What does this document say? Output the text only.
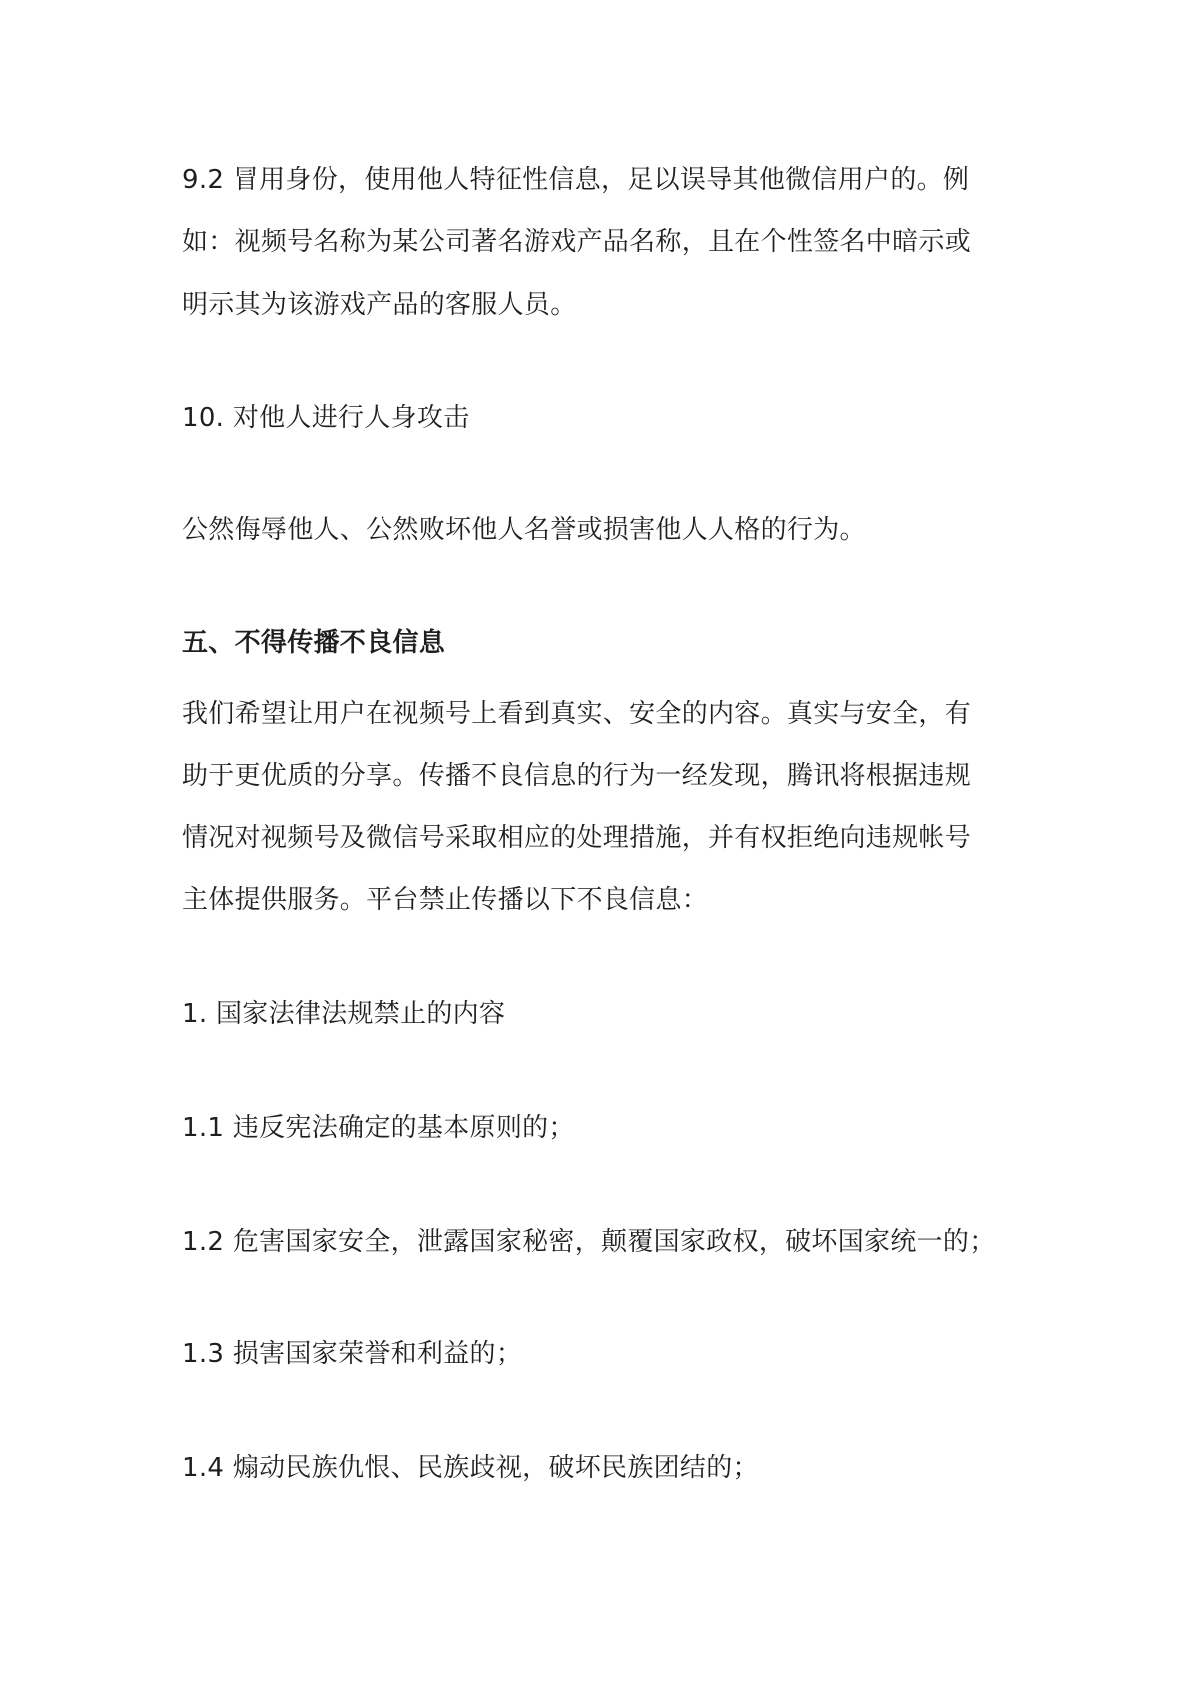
9.2 冒用身份，使用他人特征性信息，足以误导其他微信用户的。例
如：视频号名称为某公司著名游戏产品名称，且在个性签名中暗示或
明示其为该游戏产品的客服人员。
10. 对他人进行人身攻击
公然侮辱他人、公然败坏他人名誉或损害他人人格的行为。
五、不得传播不良信息
我们希望让用户在视频号上看到真实、安全的内容。真实与安全，有
助于更优质的分享。传播不良信息的行为一经发现，腾讯将根据违规
情况对视频号及微信号采取相应的处理措施，并有权拒绝向违规帐号
主体提供服务。平台禁止传播以下不良信息：
1. 国家法律法规禁止的内容
1.1 违反宪法确定的基本原则的；
1.2 危害国家安全，泄露国家秘密，颠覆国家政权，破坏国家统一的；
1.3 损害国家荣誉和利益的；
1.4 煽动民族仇恨、民族歧视，破坏民族团结的；
